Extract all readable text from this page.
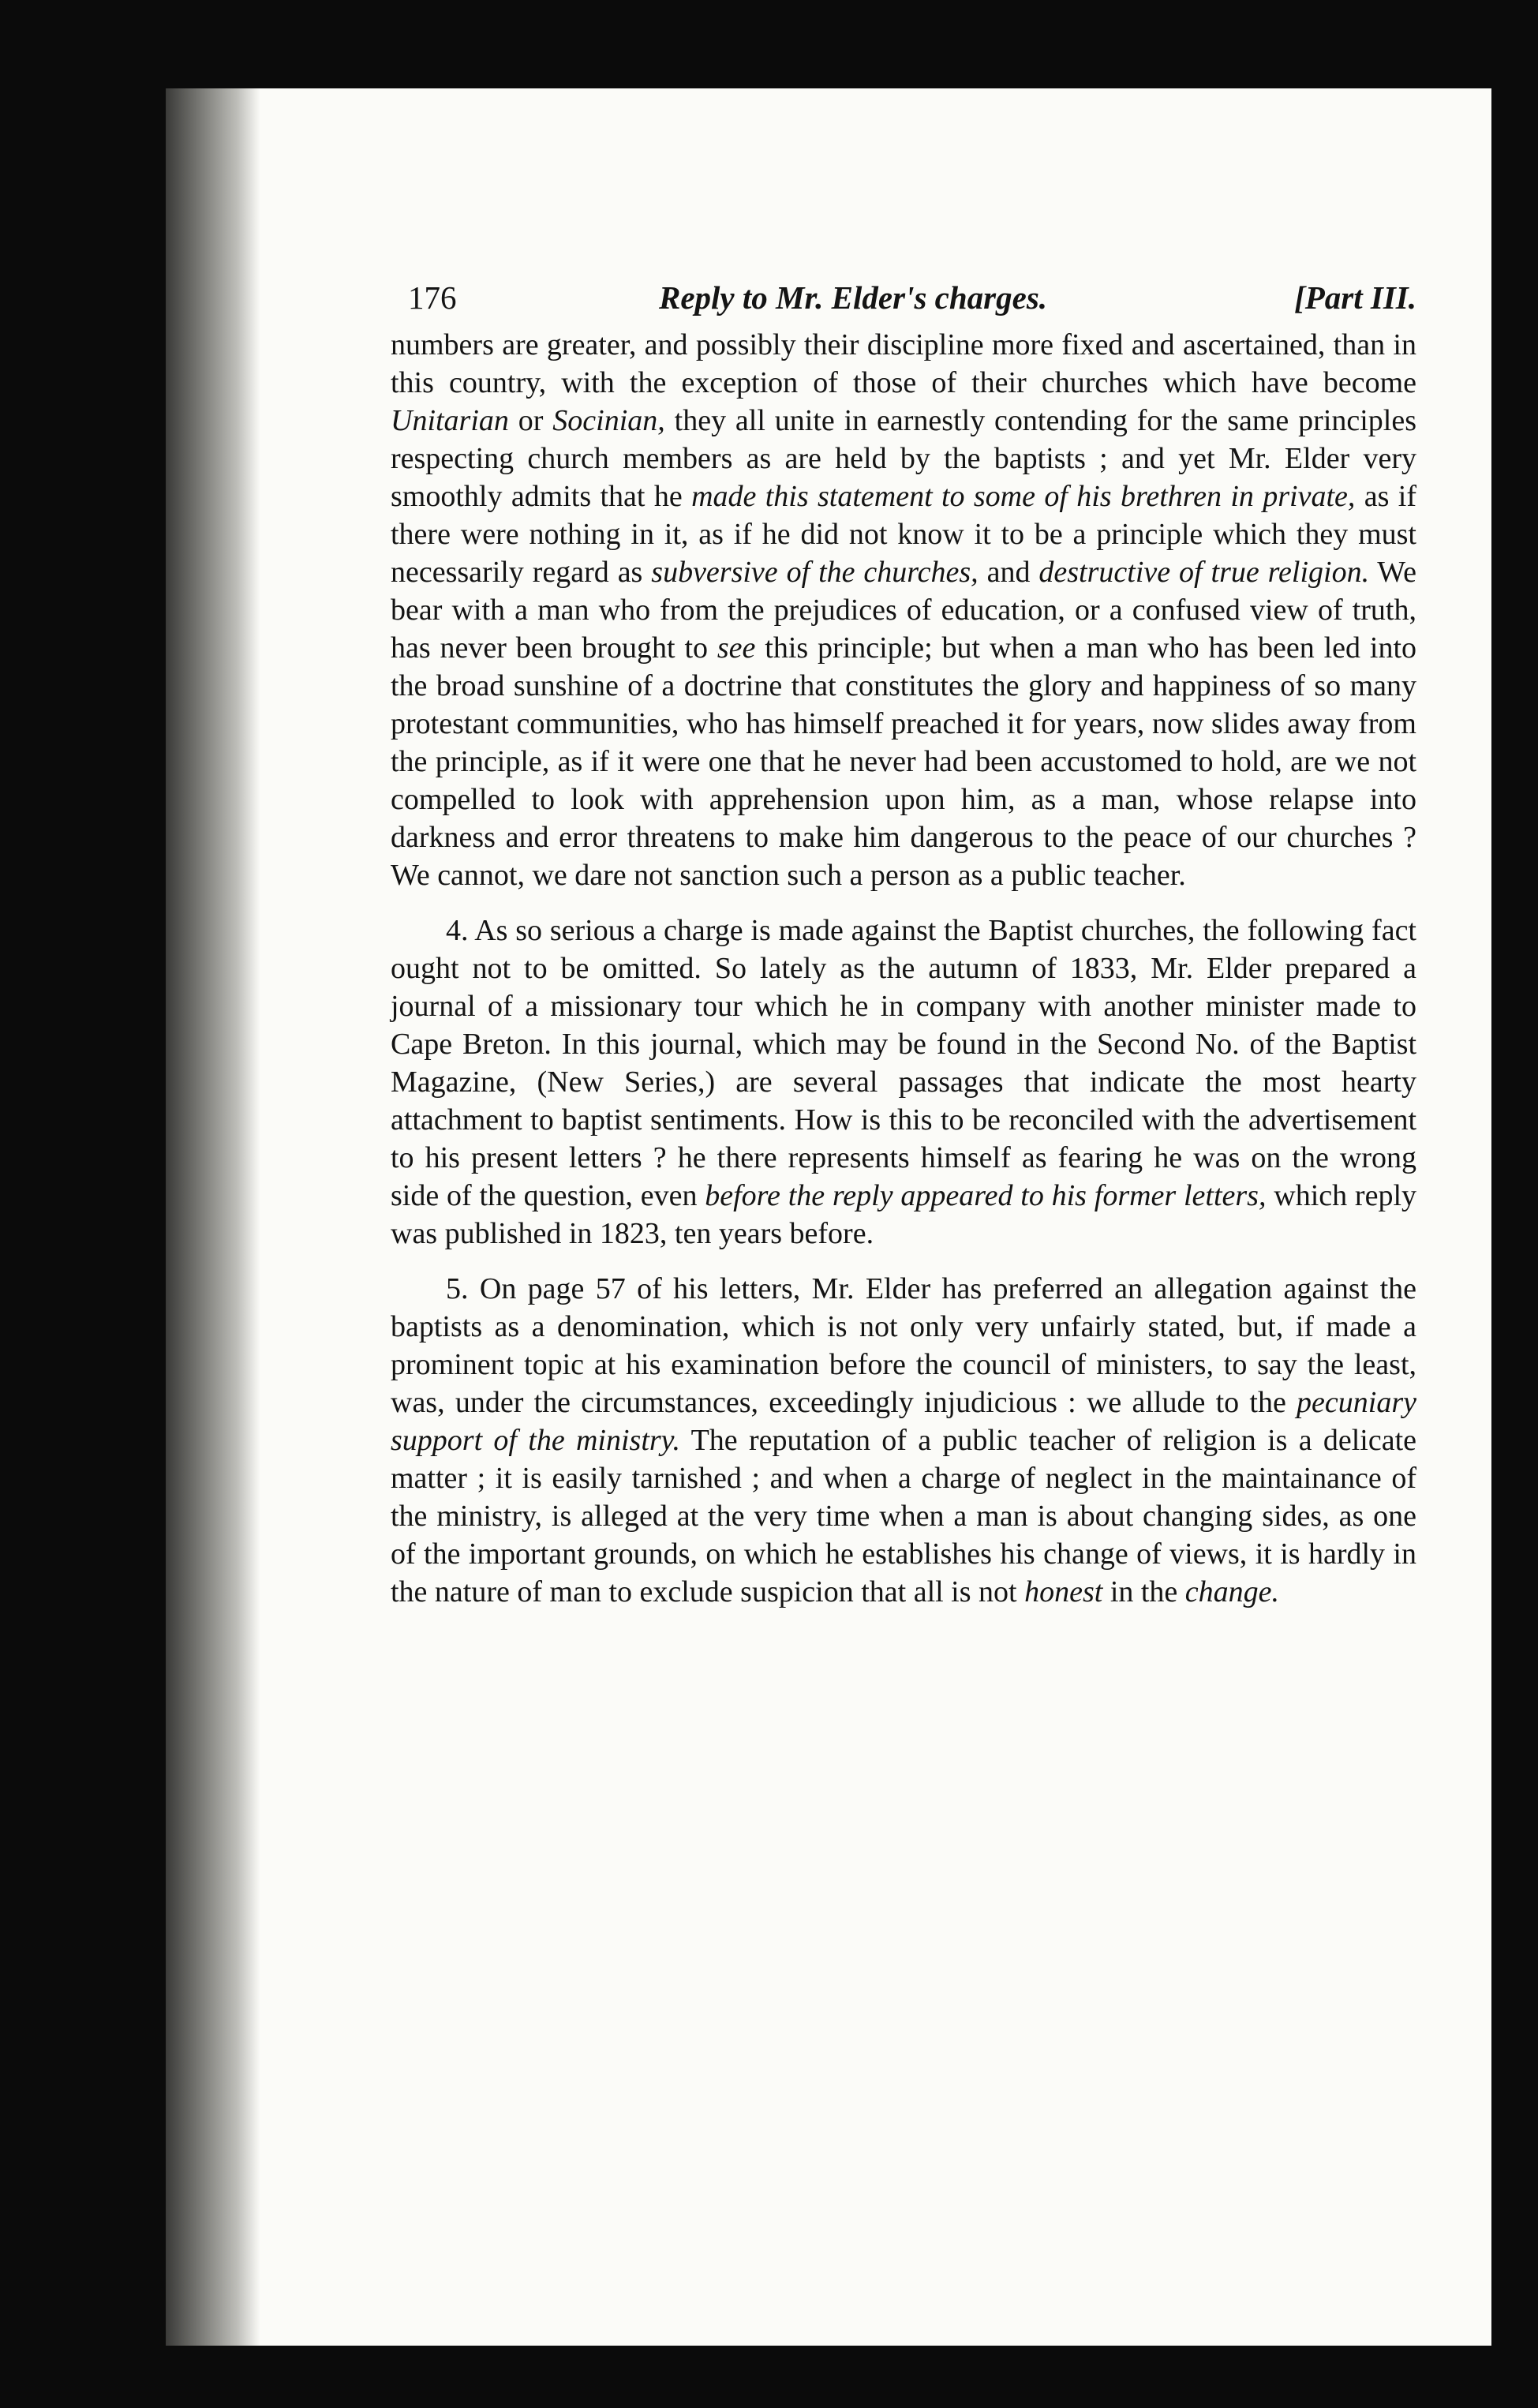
176	Reply to Mr. Elder's charges.	[Part III.

numbers are greater, and possibly their discipline more fixed and ascertained, than in this country, with the exception of those of their churches which have become Unitarian or Socinian, they all unite in earnestly contending for the same principles respecting church members as are held by the baptists ; and yet Mr. Elder very smoothly admits that he made this statement to some of his brethren in private, as if there were nothing in it, as if he did not know it to be a principle which they must necessarily regard as subversive of the churches, and destructive of true religion. We bear with a man who from the prejudices of education, or a confused view of truth, has never been brought to see this principle; but when a man who has been led into the broad sunshine of a doctrine that constitutes the glory and happiness of so many protestant communities, who has himself preached it for years, now slides away from the principle, as if it were one that he never had been accustomed to hold, are we not compelled to look with apprehension upon him, as a man, whose relapse into darkness and error threatens to make him dangerous to the peace of our churches ? We cannot, we dare not sanction such a person as a public teacher.

4. As so serious a charge is made against the Baptist churches, the following fact ought not to be omitted. So lately as the autumn of 1833, Mr. Elder prepared a journal of a missionary tour which he in company with another minister made to Cape Breton. In this journal, which may be found in the Second No. of the Baptist Magazine, (New Series,) are several passages that indicate the most hearty attachment to baptist sentiments. How is this to be reconciled with the advertisement to his present letters ? he there represents himself as fearing he was on the wrong side of the question, even before the reply appeared to his former letters, which reply was published in 1823, ten years before.

5. On page 57 of his letters, Mr. Elder has preferred an allegation against the baptists as a denomination, which is not only very unfairly stated, but, if made a prominent topic at his examination before the council of ministers, to say the least, was, under the circumstances, exceedingly injudicious : we allude to the pecuniary support of the ministry. The reputation of a public teacher of religion is a delicate matter ; it is easily tarnished ; and when a charge of neglect in the maintainance of the ministry, is alleged at the very time when a man is about changing sides, as one of the important grounds, on which he establishes his change of views, it is hardly in the nature of man to exclude suspicion that all is not honest in the change.
